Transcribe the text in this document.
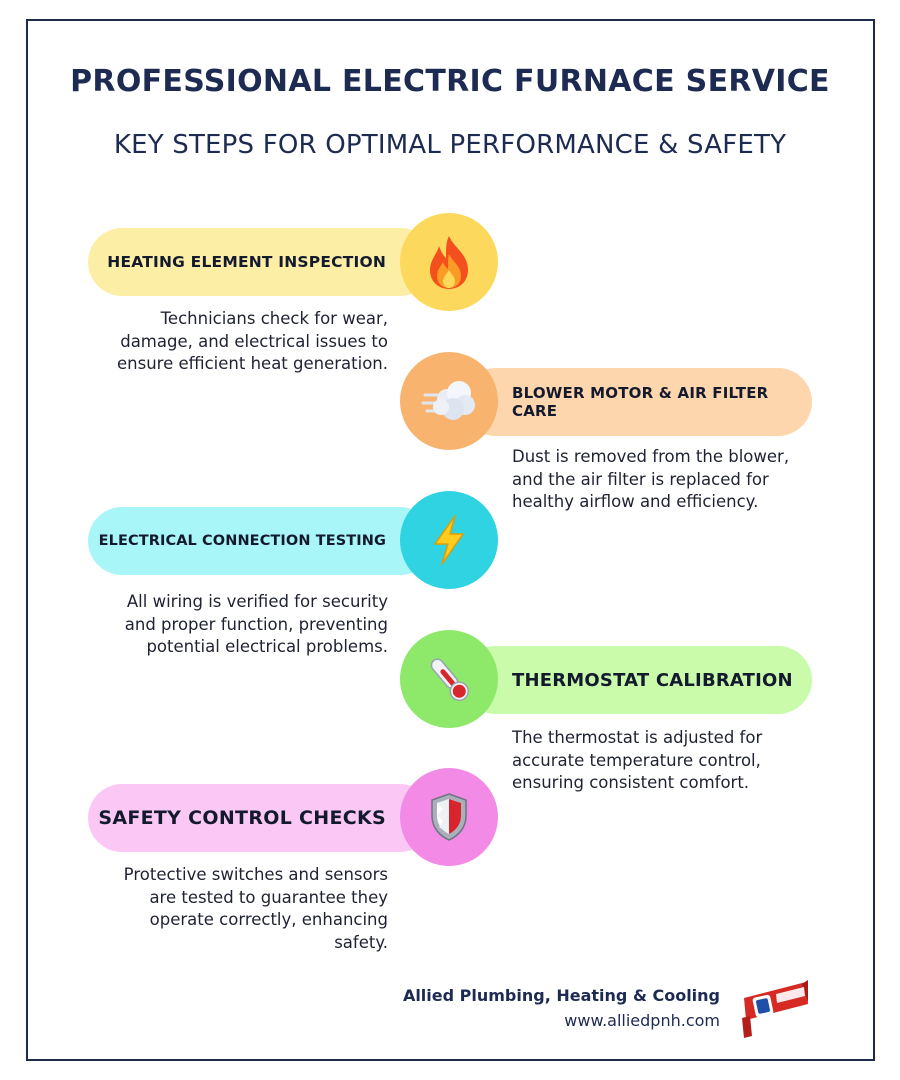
PROFESSIONAL ELECTRIC FURNACE SERVICE
KEY STEPS FOR OPTIMAL PERFORMANCE & SAFETY
HEATING ELEMENT INSPECTION
Technicians check for wear, damage, and electrical issues to ensure efficient heat generation.
BLOWER MOTOR & AIR FILTER CARE
Dust is removed from the blower, and the air filter is replaced for healthy airflow and efficiency.
ELECTRICAL CONNECTION TESTING
All wiring is verified for security and proper function, preventing potential electrical problems.
THERMOSTAT CALIBRATION
The thermostat is adjusted for accurate temperature control, ensuring consistent comfort.
SAFETY CONTROL CHECKS
Protective switches and sensors are tested to guarantee they operate correctly, enhancing safety.
Allied Plumbing, Heating & Cooling
www.alliedpnh.com
